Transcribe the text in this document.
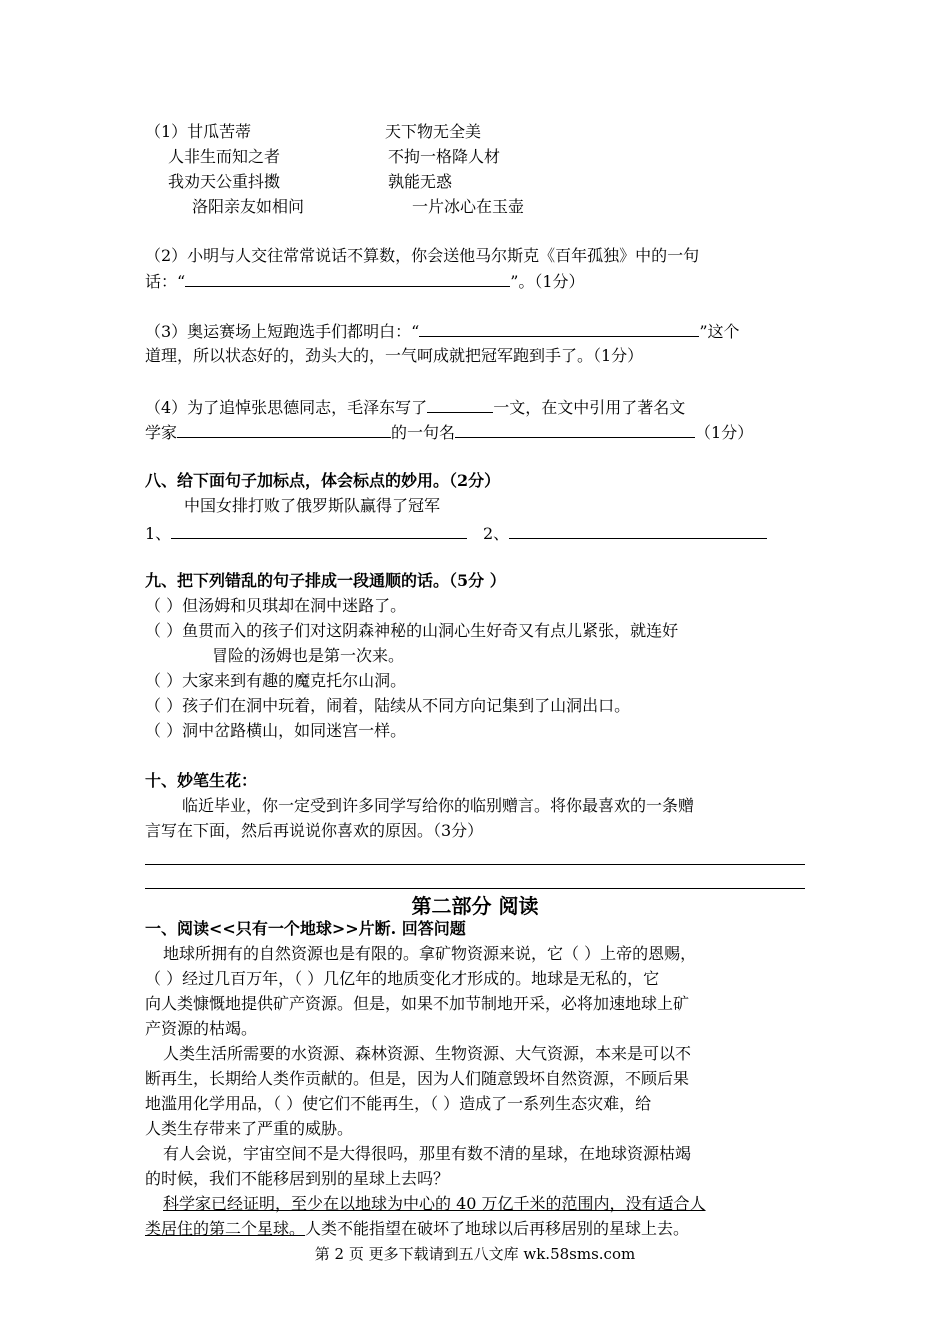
（1）甘瓜苦蒂	天下物无全美
人非生而知之者	不拘一格降人材
我劝天公重抖擞	孰能无惑
洛阳亲友如相问	一片冰心在玉壶
（2）小明与人交往常常说话不算数，你会送他马尔斯克《百年孤独》中的一句
话：“	”。（1分）
（3）奥运赛场上短跑选手们都明白：“	”这个
道理，所以状态好的，劲头大的，一气呵成就把冠军跑到手了。（1分）
（4）为了追悼张思德同志，毛泽东写了	一文，在文中引用了著名文
学家	的一句名	（1分）
八、给下面句子加标点，体会标点的妙用。（2分）
中国女排打败了俄罗斯队赢得了冠军
1、	2、
九、把下列错乱的句子排成一段通顺的话。（5分 ）
（ ）但汤姆和贝琪却在洞中迷路了。
（ ）鱼贯而入的孩子们对这阴森神秘的山洞心生好奇又有点儿紧张，就连好
冒险的汤姆也是第一次来。
（ ）大家来到有趣的魔克托尔山洞。
（ ）孩子们在洞中玩着，闹着，陆续从不同方向记集到了山洞出口。
（ ）洞中岔路横山，如同迷宫一样。
十、妙笔生花：
临近毕业，你一定受到许多同学写给你的临别赠言。将你最喜欢的一条赠
言写在下面，然后再说说你喜欢的原因。（3分）
第二部分 阅读
一、阅读<<只有一个地球>>片断. 回答问题
地球所拥有的自然资源也是有限的。拿矿物资源来说，它（ ）上帝的恩赐，
（ ）经过几百万年，（ ）几亿年的地质变化才形成的。地球是无私的，它
向人类慷慨地提供矿产资源。但是，如果不加节制地开采，必将加速地球上矿
产资源的枯竭。
人类生活所需要的水资源、森林资源、生物资源、大气资源，本来是可以不
断再生，长期给人类作贡献的。但是，因为人们随意毁坏自然资源，不顾后果
地滥用化学用品，（ ）使它们不能再生，（ ）造成了一系列生态灾难，给
人类生存带来了严重的威胁。
有人会说，宇宙空间不是大得很吗，那里有数不清的星球，在地球资源枯竭
的时候，我们不能移居到别的星球上去吗？
科学家已经证明，至少在以地球为中心的 40 万亿千米的范围内，没有适合人
类居住的第二个星球。人类不能指望在破坏了地球以后再移居别的星球上去。
第 2 页 更多下载请到五八文库 wk.58sms.com
